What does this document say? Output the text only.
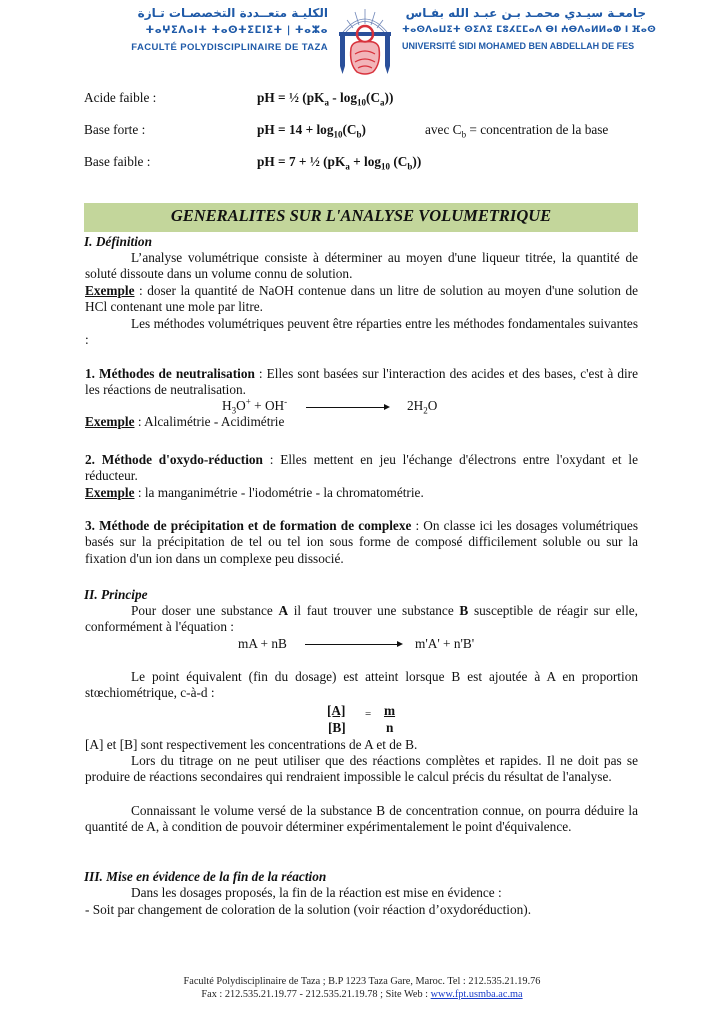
الكليـة متعــددة التخصصـات تـازة
ⵜⴰⵖⵉⴷⴰⵏⵜ ⵜⴰⵙⵜⵉⵎⵏⵉⵜ | ⵜⴰⵣⴰ
FACULTÉ POLYDISCIPLINAIRE DE TAZA
جامعـة سيـدي محمـد بـن عبـد الله بفـاس
ⵜⴰⵙⴷⴰⵡⵉⵜ ⵙⵉⴷⵉ ⵎⵓⵃⵎⵎⴰⴷ ⴱⵏ ⵄⴱⴷⴰⵍⵍⴰⵀ ⵏ ⴼⴰⵙ
UNIVERSITÉ SIDI MOHAMED BEN ABDELLAH DE FES
Acide faible :	pH = ½ $(pK_a - \log_{10}(C_a))$
Base forte :	pH = $14 + \log_{10}(C_b)$	avec $C_b$ = concentration de la base
Base faible :	pH = 7 + ½ $(pK_a + \log_{10} (C_b))$
GENERALITES SUR L'ANALYSE VOLUMETRIQUE
I. Définition
L’analyse volumétrique consiste à déterminer au moyen d'une liqueur titrée, la quantité de soluté dissoute dans un volume connu de solution.
Exemple : doser la quantité de NaOH contenue dans un litre de solution au moyen d'une solution de HCl contenant une mole par litre.
Les méthodes volumétriques peuvent être réparties entre les méthodes fondamentales suivantes :
1. Méthodes de neutralisation : Elles sont basées sur l'interaction des acides et des bases, c'est à dire les réactions de neutralisation.
$H_3O^+ + OH^-$	$2H_2O$
Exemple : Alcalimétrie - Acidimétrie
2. Méthode d'oxydo-réduction : Elles mettent en jeu l'échange d'électrons entre l'oxydant et le réducteur.
Exemple : la manganimétrie - l'iodométrie - la chromatométrie.
3. Méthode de précipitation et de formation de complexe : On classe ici les dosages volumétriques basés sur la précipitation de tel ou tel ion sous forme de composé difficilement soluble ou sur la fixation d'un ion dans un complexe peu dissocié.
II. Principe
Pour doser une substance A il faut trouver une substance B susceptible de réagir sur elle, conformément à l'équation :
mA + nB	m'A' + n'B'
Le point équivalent (fin du dosage) est atteint lorsque B est ajoutée à A en proportion stœchiométrique, c-à-d :
[A]
[B]
= m
n
[A] et [B] sont respectivement les concentrations de A et de B.
Lors du titrage on ne peut utiliser que des réactions complètes et rapides. Il ne doit pas se produire de réactions secondaires qui rendraient impossible le calcul précis du résultat de l'analyse.
Connaissant le volume versé de la substance B de concentration connue, on pourra déduire la quantité de A, à condition de pouvoir déterminer expérimentalement le point d'équivalence.
III. Mise en évidence de la fin de la réaction
Dans les dosages proposés, la fin de la réaction est mise en évidence :
- Soit par changement de coloration de la solution (voir réaction d’oxydoréduction).
Faculté Polydisciplinaire de Taza ; B.P 1223 Taza Gare, Maroc. Tel : 212.535.21.19.76
Fax : 212.535.21.19.77 - 212.535.21.19.78 ; Site Web : www.fpt.usmba.ac.ma
